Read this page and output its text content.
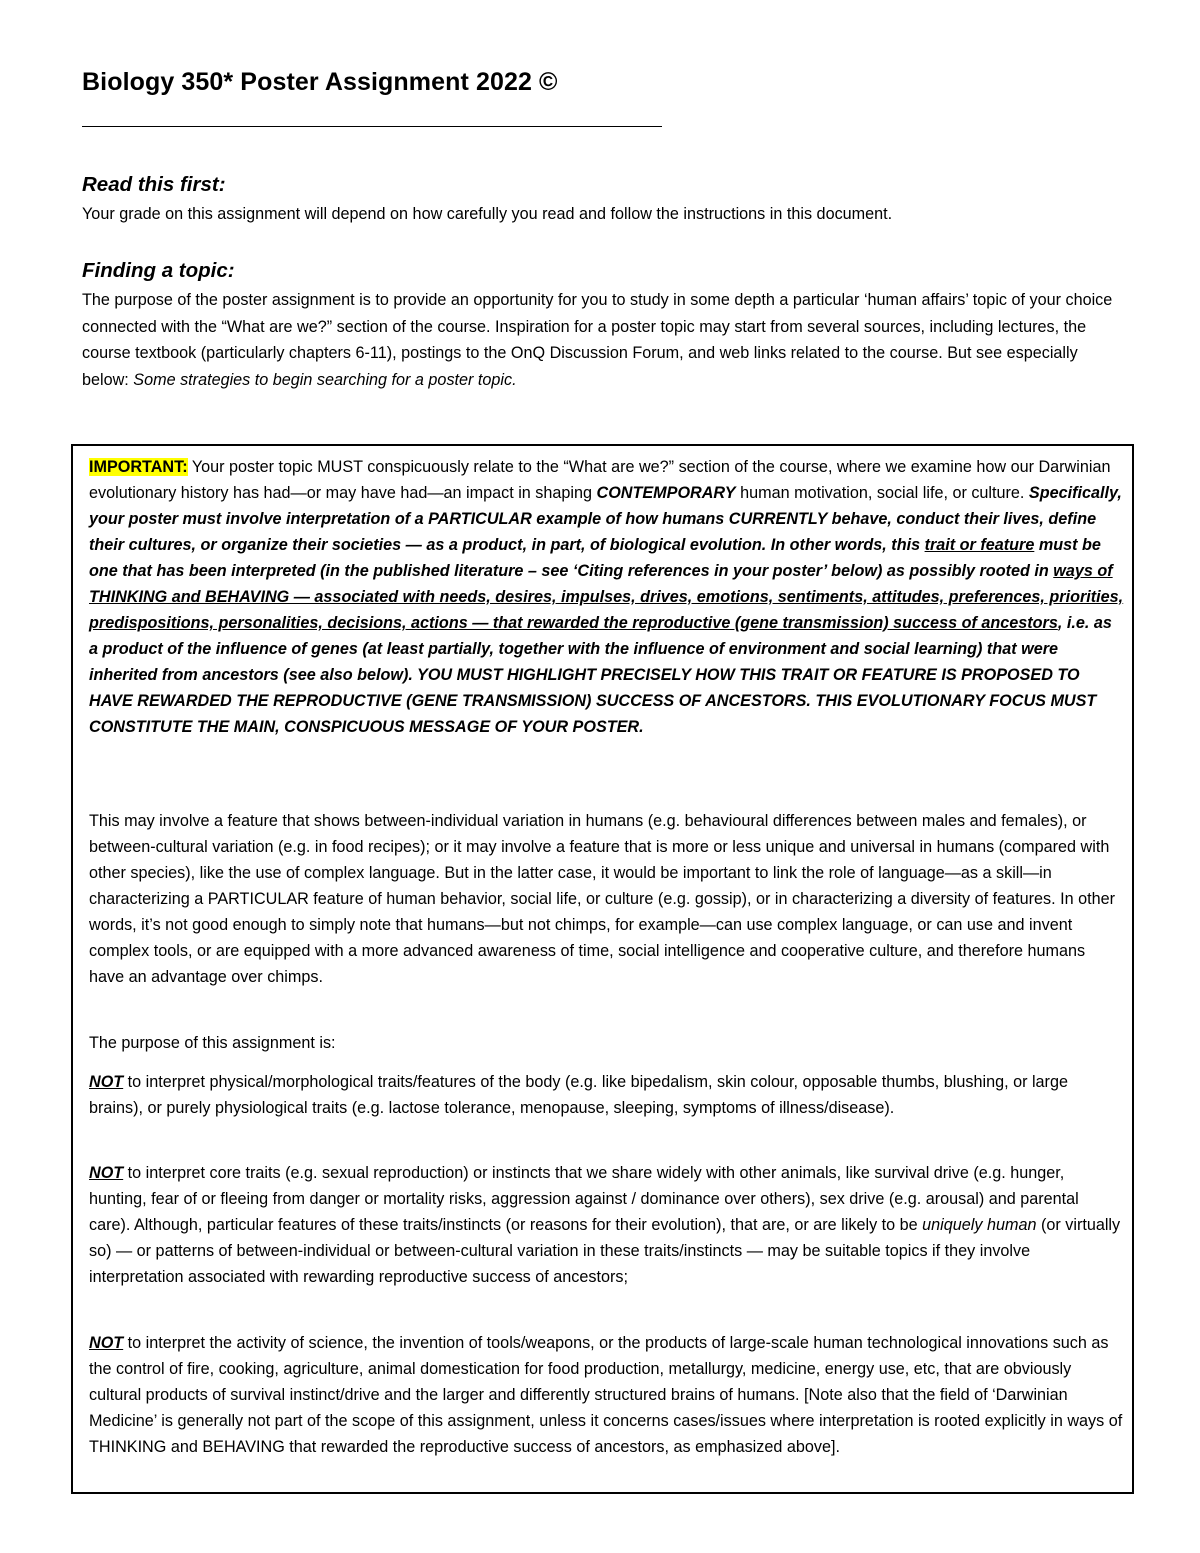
Biology 350* Poster Assignment 2022 ©
Read this first:

Your grade on this assignment will depend on how carefully you read and follow the instructions in this document.

Finding a topic:

The purpose of the poster assignment is to provide an opportunity for you to study in some depth a particular ‘human affairs’ topic of your choice connected with the “What are we?” section of the course. Inspiration for a poster topic may start from several sources, including lectures, the course textbook (particularly chapters 6-11), postings to the OnQ Discussion Forum, and web links related to the course. But see especially below: Some strategies to begin searching for a poster topic.

IMPORTANT: Your poster topic MUST conspicuously relate to the “What are we?” section of the course, where we examine how our Darwinian evolutionary history has had—or may have had—an impact in shaping CONTEMPORARY human motivation, social life, or culture. Specifically, your poster must involve interpretation of a PARTICULAR example of how humans CURRENTLY behave, conduct their lives, define their cultures, or organize their societies — as a product, in part, of biological evolution. In other words, this trait or feature must be one that has been interpreted (in the published literature – see ‘Citing references in your poster’ below) as possibly rooted in ways of THINKING and BEHAVING — associated with needs, desires, impulses, drives, emotions, sentiments, attitudes, preferences, priorities, predispositions, personalities, decisions, actions — that rewarded the reproductive (gene transmission) success of ancestors, i.e. as a product of the influence of genes (at least partially, together with the influence of environment and social learning) that were inherited from ancestors (see also below). YOU MUST HIGHLIGHT PRECISELY HOW THIS TRAIT OR FEATURE IS PROPOSED TO HAVE REWARDED THE REPRODUCTIVE (GENE TRANSMISSION) SUCCESS OF ANCESTORS. THIS EVOLUTIONARY FOCUS MUST CONSTITUTE THE MAIN, CONSPICUOUS MESSAGE OF YOUR POSTER.

This may involve a feature that shows between-individual variation in humans (e.g. behavioural differences between males and females), or between-cultural variation (e.g. in food recipes); or it may involve a feature that is more or less unique and universal in humans (compared with other species), like the use of complex language. But in the latter case, it would be important to link the role of language—as a skill—in characterizing a PARTICULAR feature of human behavior, social life, or culture (e.g. gossip), or in characterizing a diversity of features. In other words, it’s not good enough to simply note that humans—but not chimps, for example—can use complex language, or can use and invent complex tools, or are equipped with a more advanced awareness of time, social intelligence and cooperative culture, and therefore humans have an advantage over chimps.

The purpose of this assignment is:

NOT to interpret physical/morphological traits/features of the body (e.g. like bipedalism, skin colour, opposable thumbs, blushing, or large brains), or purely physiological traits (e.g. lactose tolerance, menopause, sleeping, symptoms of illness/disease).

NOT to interpret core traits (e.g. sexual reproduction) or instincts that we share widely with other animals, like survival drive (e.g. hunger, hunting, fear of or fleeing from danger or mortality risks, aggression against / dominance over others), sex drive (e.g. arousal) and parental care). Although, particular features of these traits/instincts (or reasons for their evolution), that are, or are likely to be uniquely human (or virtually so) — or patterns of between-individual or between-cultural variation in these traits/instincts — may be suitable topics if they involve interpretation associated with rewarding reproductive success of ancestors;

NOT to interpret the activity of science, the invention of tools/weapons, or the products of large-scale human technological innovations such as the control of fire, cooking, agriculture, animal domestication for food production, metallurgy, medicine, energy use, etc, that are obviously cultural products of survival instinct/drive and the larger and differently structured brains of humans. [Note also that the field of ‘Darwinian Medicine’ is generally not part of the scope of this assignment, unless it concerns cases/issues where interpretation is rooted explicitly in ways of THINKING and BEHAVING that rewarded the reproductive success of ancestors, as emphasized above].
